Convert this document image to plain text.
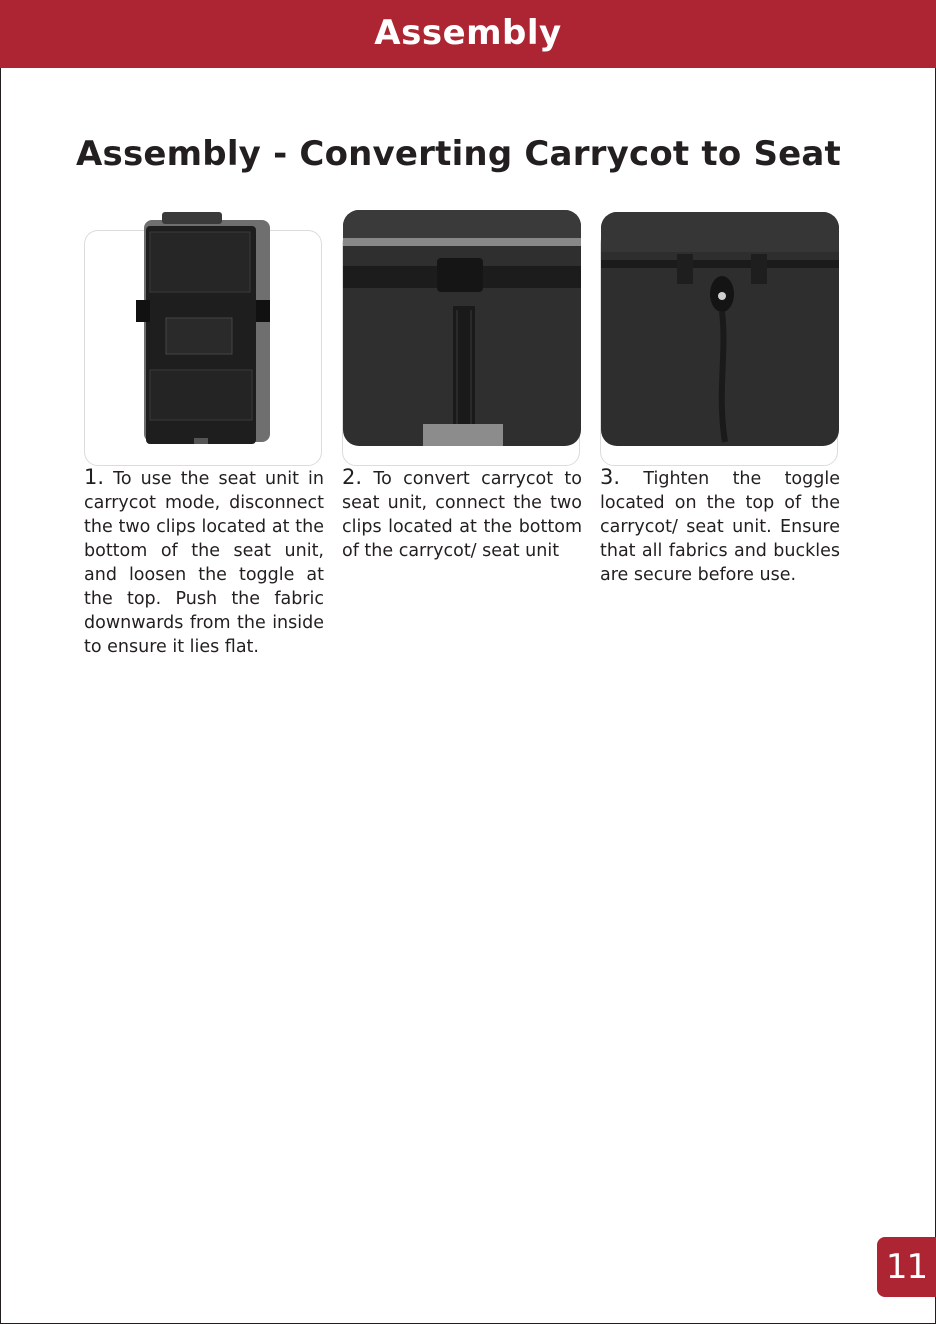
Assembly
Assembly - Converting Carrycot to Seat

1. To use the seat unit in carrycot mode, disconnect the two clips located at the bottom of the seat unit, and loosen the toggle at the top. Push the fabric downwards from the inside to ensure it lies flat.

2. To convert carrycot to seat unit, connect the two clips located at the bottom of the carrycot/ seat unit

3. Tighten the toggle located on the top of the carrycot/ seat unit. Ensure that all fabrics and buckles are secure before use.

11
